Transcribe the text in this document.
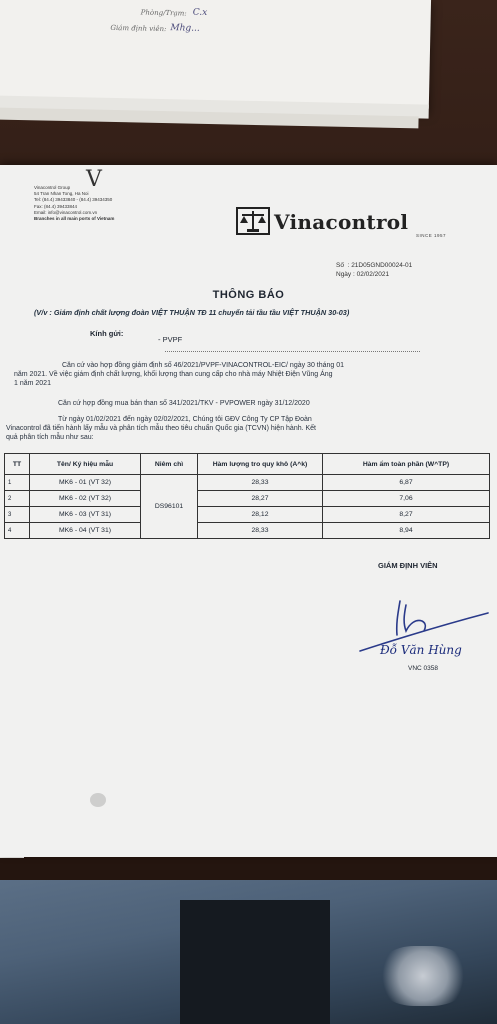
Phòng/Trạm: C.x
Giám định viên: Mhg...
V
Vinacontrol Group
54 Tran Nhan Tong, Ha Noi
Tel: (84.4) 39433840 - (84.4) 39434350
Fax: (84.4) 39433844
Email: info@vinacontrol.com.vn
Branches in all main ports of Vietnam	Vinacontrol
SINCE 1957
Số : 21D05GND00024-01
Ngày : 02/02/2021
THÔNG BÁO
(V/v : Giám định chất lượng đoàn VIỆT THUẬN TĐ 11 chuyển tải tầu tầu VIỆT THUẬN 30-03)
Kính gửi:
- PVPF
Căn cứ vào hợp đồng giám định số 46/2021/PVPF-VINACONTROL-EIC/ ngày 30 tháng 01
năm 2021. Về việc giám định chất lượng, khối lượng than cung cấp cho nhà máy Nhiệt Điện Vũng Áng
1 năm 2021
Căn cứ hợp đồng mua bán than số 341/2021/TKV - PVPOWER ngày 31/12/2020
Từ ngày 01/02/2021 đến ngày 02/02/2021, Chúng tôi GĐV Công Ty CP Tập Đoàn
Vinacontrol đã tiến hành lấy mẫu và phân tích mẫu theo tiêu chuẩn Quốc gia (TCVN) hiện hành. Kết
quả phân tích mẫu như sau:
TT	Tên/ Ký hiệu mẫu	Niêm chì	Hàm lượng tro quy khô (A^k)	Hàm ẩm toàn phần (W^TP)
1	MK6 - 01 (VT 32)	DS96101	28,33	6,87
2	MK6 - 02 (VT 32)		28,27	7,06
3	MK6 - 03 (VT 31)		28,12	8,27
4	MK6 - 04 (VT 31)		28,33	8,94
GIÁM ĐỊNH VIÊN
Đỗ Văn Hùng
VNC 0358
